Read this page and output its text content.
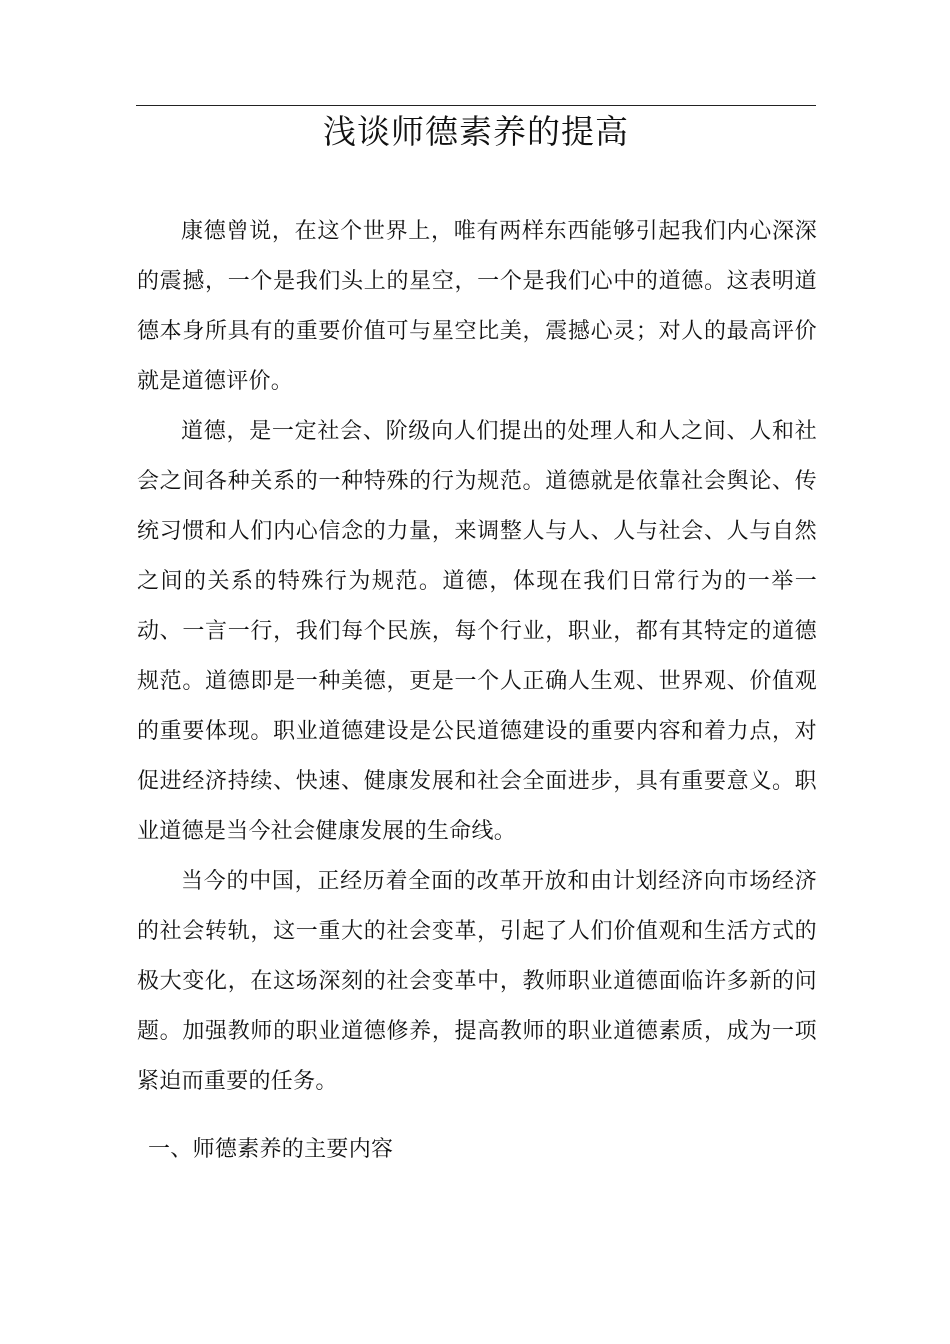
浅谈师德素养的提高

康德曾说，在这个世界上，唯有两样东西能够引起我们内心深深的震撼，一个是我们头上的星空，一个是我们心中的道德。这表明道德本身所具有的重要价值可与星空比美，震撼心灵；对人的最高评价就是道德评价。

道德，是一定社会、阶级向人们提出的处理人和人之间、人和社会之间各种关系的一种特殊的行为规范。道德就是依靠社会舆论、传统习惯和人们内心信念的力量，来调整人与人、人与社会、人与自然之间的关系的特殊行为规范。道德，体现在我们日常行为的一举一动、一言一行，我们每个民族，每个行业，职业，都有其特定的道德规范。道德即是一种美德，更是一个人正确人生观、世界观、价值观的重要体现。职业道德建设是公民道德建设的重要内容和着力点，对促进经济持续、快速、健康发展和社会全面进步，具有重要意义。职业道德是当今社会健康发展的生命线。

当今的中国，正经历着全面的改革开放和由计划经济向市场经济的社会转轨，这一重大的社会变革，引起了人们价值观和生活方式的极大变化，在这场深刻的社会变革中，教师职业道德面临许多新的问题。加强教师的职业道德修养，提高教师的职业道德素质，成为一项紧迫而重要的任务。

一、师德素养的主要内容
